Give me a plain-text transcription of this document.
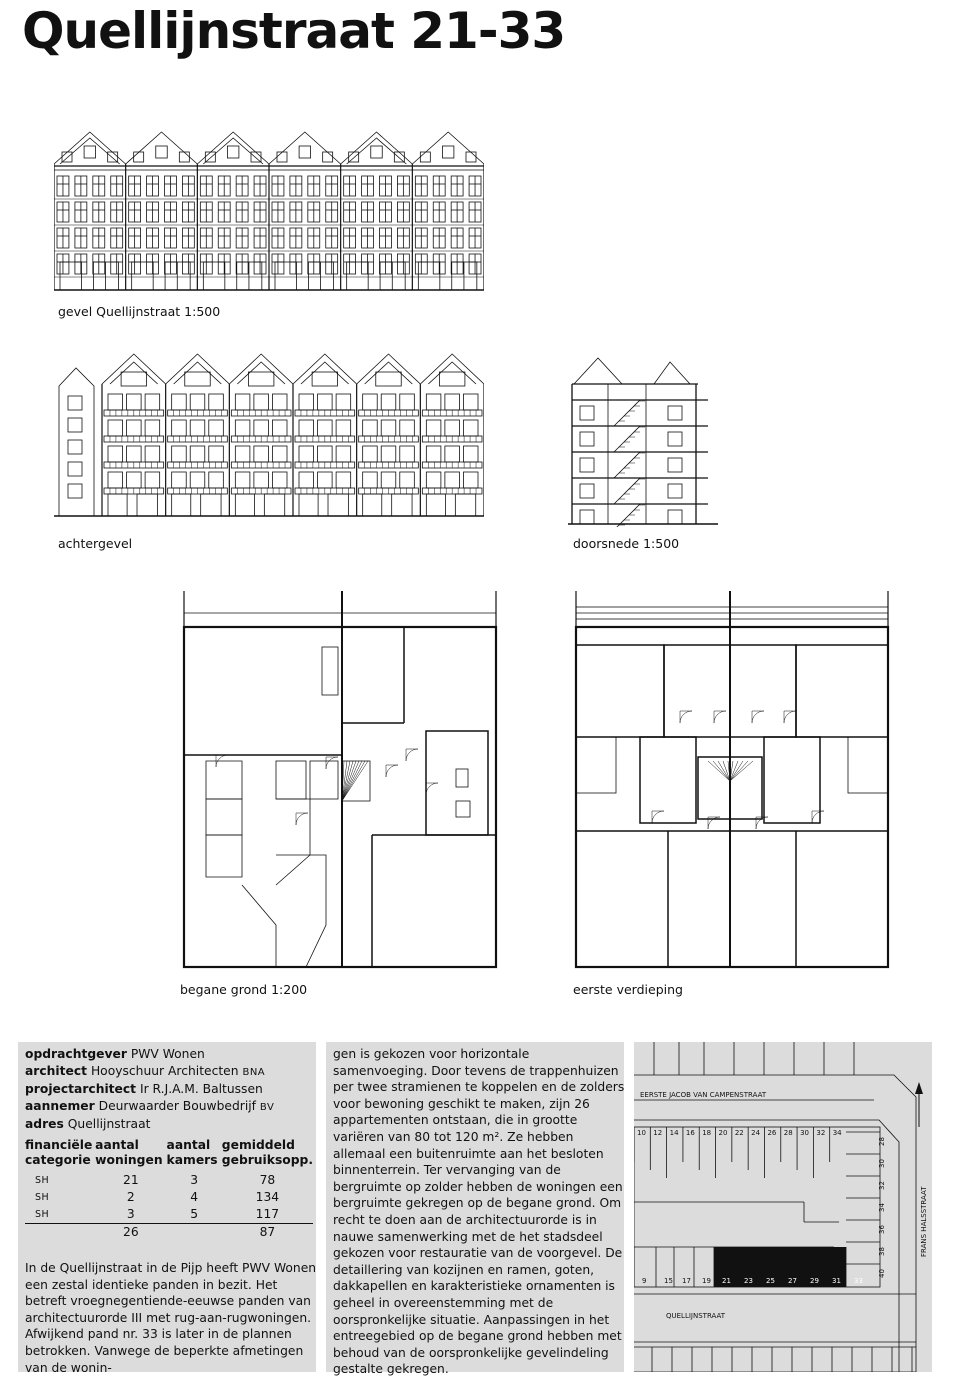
Quellijnstraat 21-33
gevel Quellijnstraat 1:500
achtergevel	doorsnede 1:500
begane grond 1:200	eerste verdieping
opdrachtgever PWV Wonen
architect Hooyschuur Architecten BNA
projectarchitect Ir R.J.A.M. Baltussen
aannemer Deurwaarder Bouwbedrijf BV
adres Quellijnstraat
financiële categorie	aantal woningen	aantal kamers	gemiddeld gebruiksopp.
SH	21	3	78
SH	2	4	134
SH	3	5	117
	26		87

In de Quellijnstraat in de Pijp heeft PWV Wonen een zestal identieke panden in bezit. Het betreft vroegnegentiende-eeuwse panden van architectuurorde III met rug-aan-rugwoningen. Afwijkend pand nr. 33 is later in de plannen betrokken. Vanwege de beperkte afmetingen van de wonin-

gen is gekozen voor horizontale samenvoeging. Door tevens de trappenhuizen per twee stramienen te koppelen en de zolders voor bewoning geschikt te maken, zijn 26 appartementen ontstaan, die in grootte variëren van 80 tot 120 m². Ze hebben allemaal een buitenruimte aan het besloten binnenterrein. Ter vervanging van de bergruimte op zolder hebben de woningen een bergruimte gekregen op de begane grond. Om recht te doen aan de architectuurorde is in nauwe samenwerking met de het stadsdeel gekozen voor restauratie van de voorgevel. De detaillering van kozijnen en ramen, goten, dakkapellen en karakteristieke ornamenten is geheel in overeenstemming met de oorspronkelijke situatie. Aanpassingen in het entreegebied op de begane grond hebben met behoud van de oorspronkelijke gevelindeling gestalte gekregen.

EERSTE JACOB VAN CAMPENSTRAAT
QUELLIJNSTRAAT
FRANS HALSSTRAAT
10 12 14 16 18 20 22 24 26 28 30 32 34
9	15 17 19 21 23 25 27 29 31 33
28
30
32
34
36
38
40
